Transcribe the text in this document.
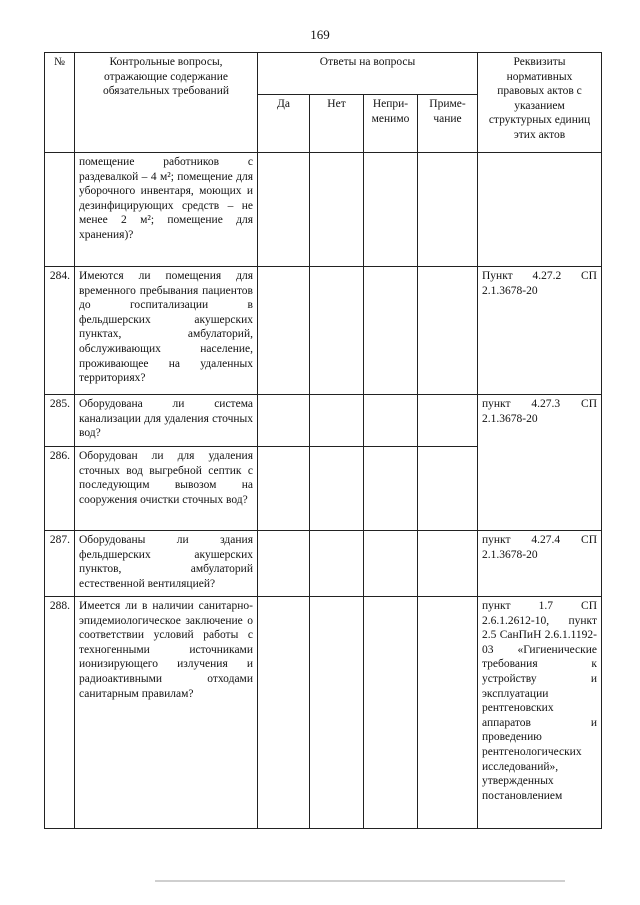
169
№	Контрольные вопросы, отражающие содержание обязательных требований	Ответы на вопросы				Реквизиты нормативных правовых актов с указанием структурных единиц этих актов
		Да	Нет	Непри-менимо	Приме-чание	
	помещение работников с раздевалкой – 4 м²; помещение для уборочного инвентаря, моющих и дезинфицирующих средств – не менее 2 м²; помещение для хранения)?					
284.	Имеются ли помещения для временного пребывания пациентов до госпитализации в фельдшерских акушерских пунктах, амбулаторий, обслуживающих население, проживающее на удаленных территориях?					Пункт 4.27.2 СП 2.1.3678-20
285.	Оборудована ли система канализации для удаления сточных вод?					пункт 4.27.3 СП 2.1.3678-20
286.	Оборудован ли для удаления сточных вод выгребной септик с последующим вывозом на сооружения очистки сточных вод?					
287.	Оборудованы ли здания фельдшерских акушерских пунктов, амбулаторий естественной вентиляцией?					пункт 4.27.4 СП 2.1.3678-20
288.	Имеется ли в наличии санитарно-эпидемиологическое заключение о соответствии условий работы с техногенными источниками ионизирующего излучения и радиоактивными отходами санитарным правилам?					пункт 1.7 СП 2.6.1.2612-10, пункт 2.5 СанПиН 2.6.1.1192-03 «Гигиенические требования к устройству и эксплуатации рентгеновских аппаратов и проведению рентгенологических исследований», утвержденных постановлением
